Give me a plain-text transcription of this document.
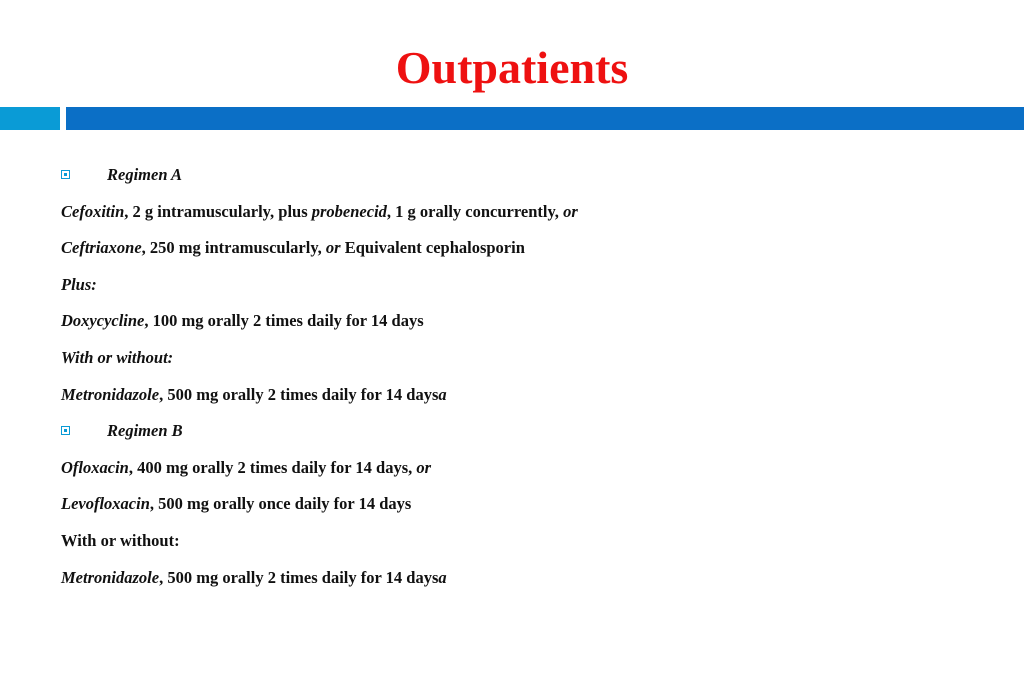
Outpatients
Regimen A
Cefoxitin, 2 g intramuscularly, plus probenecid, 1 g orally concurrently, or
Ceftriaxone, 250 mg intramuscularly, or Equivalent cephalosporin
Plus:
Doxycycline, 100 mg orally 2 times daily for 14 days
With or without:
Metronidazole, 500 mg orally 2 times daily for 14 daysa
Regimen B
Ofloxacin, 400 mg orally 2 times daily for 14 days, or
Levofloxacin, 500 mg orally once daily for 14 days
With or without:
Metronidazole, 500 mg orally 2 times daily for 14 daysa
